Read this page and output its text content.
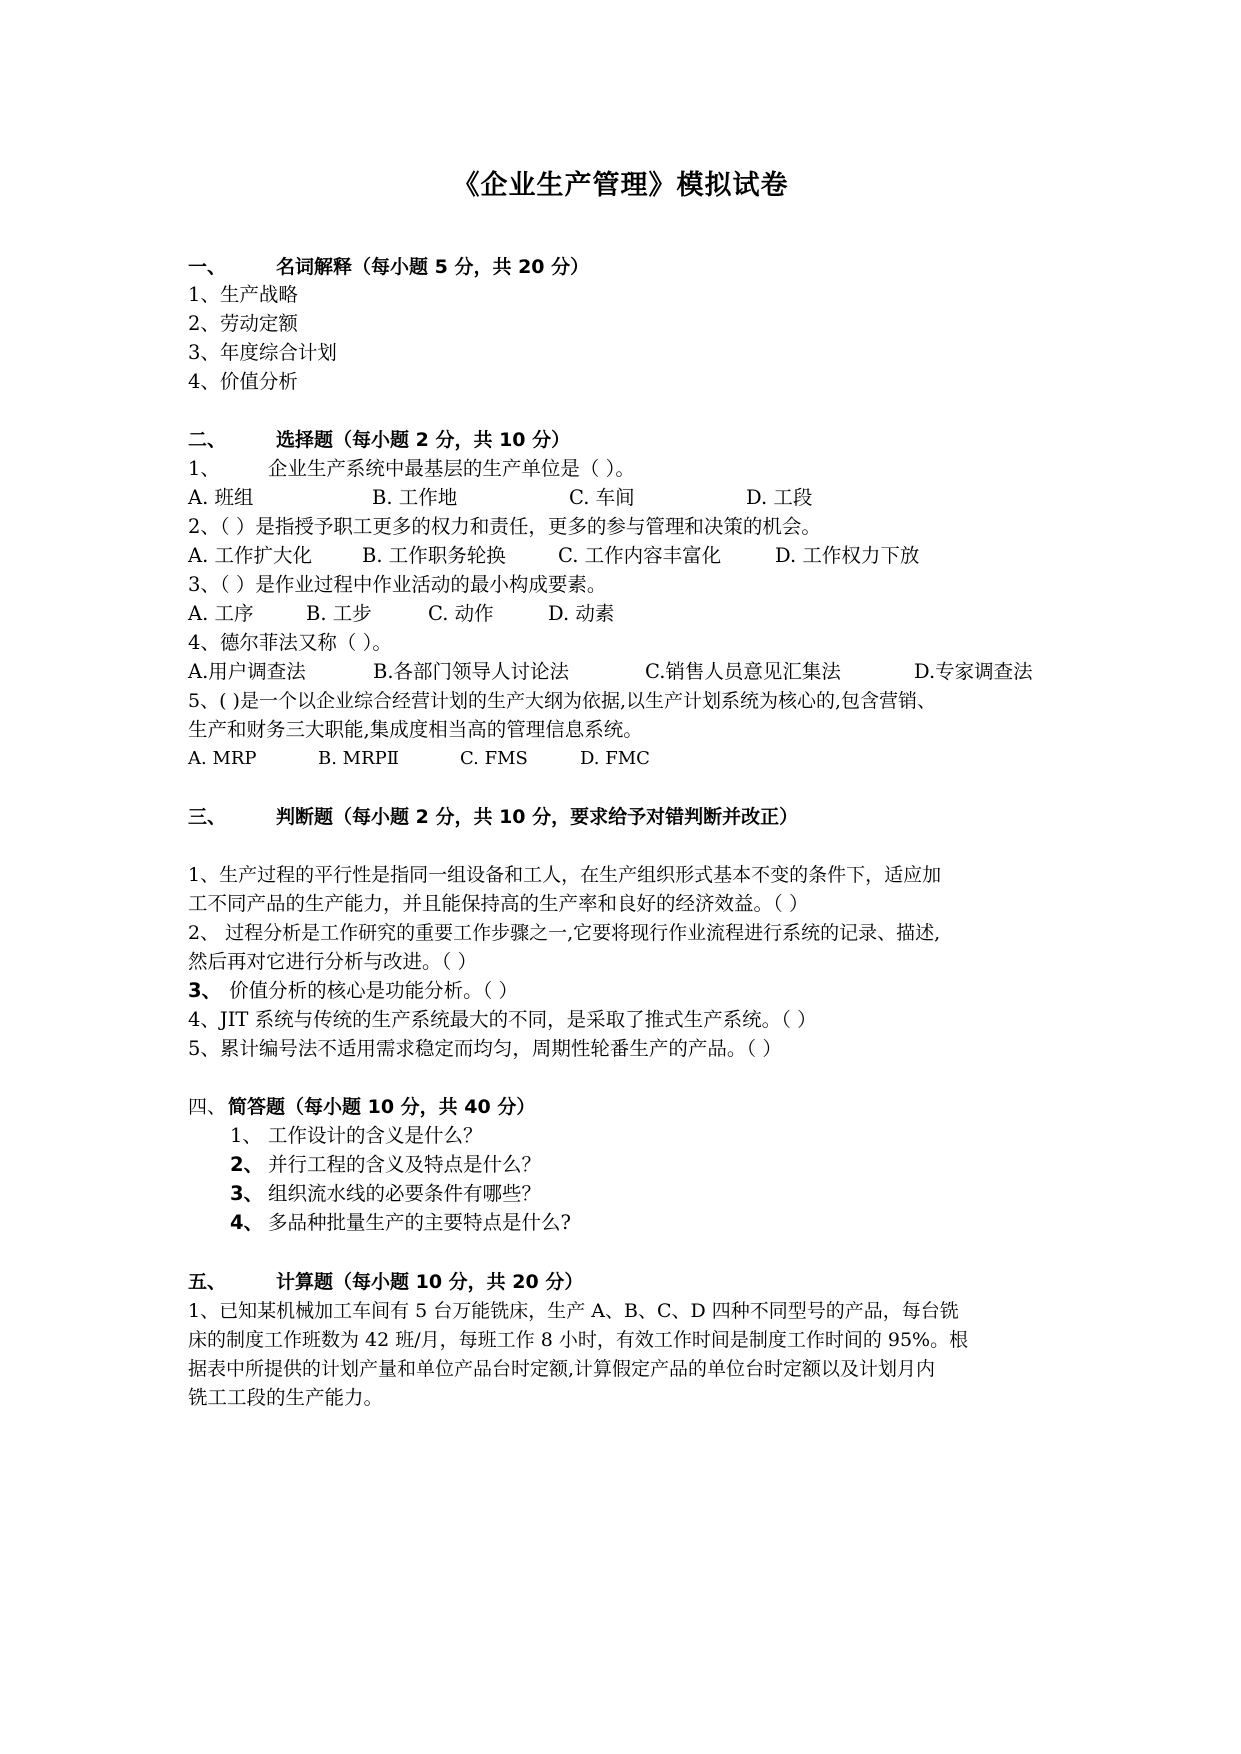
《企业生产管理》模拟试卷
一、	名词解释（每小题 5 分，共 20 分）
1、生产战略
2、劳动定额
3、年度综合计划
4、价值分析
二、	选择题（每小题 2 分，共 10 分）
1、 企业生产系统中最基层的生产单位是（ ）。
A. 班组	B. 工作地	C. 车间	D. 工段
2、（ ）是指授予职工更多的权力和责任，更多的参与管理和决策的机会。
A. 工作扩大化	B. 工作职务轮换	C. 工作内容丰富化	D. 工作权力下放
3、（ ）是作业过程中作业活动的最小构成要素。
A. 工序	B. 工步	C. 动作	D. 动素
4、德尔菲法又称（ ）。
A.用户调查法	B.各部门领导人讨论法	C.销售人员意见汇集法	D.专家调查法
5、( )是一个以企业综合经营计划的生产大纲为依据,以生产计划系统为核心的,包含营销、
生产和财务三大职能,集成度相当高的管理信息系统。
A. MRP	B. MRPⅡ	C. FMS	D. FMC
三、	判断题（每小题 2 分，共 10 分，要求给予对错判断并改正）
1、生产过程的平行性是指同一组设备和工人，在生产组织形式基本不变的条件下，适应加
工不同产品的生产能力，并且能保持高的生产率和良好的经济效益。（ ）
2、 过程分析是工作研究的重要工作步骤之一,它要将现行作业流程进行系统的记录、描述,
然后再对它进行分析与改进。（ ）
3、 价值分析的核心是功能分析。（ ）
4、JIT 系统与传统的生产系统最大的不同，是采取了推式生产系统。（ ）
5、累计编号法不适用需求稳定而均匀，周期性轮番生产的产品。（ ）
四、 简答题（每小题 10 分，共 40 分）
1、 工作设计的含义是什么？
2、 并行工程的含义及特点是什么？
3、 组织流水线的必要条件有哪些？
4、 多品种批量生产的主要特点是什么?
五、	计算题（每小题 10 分，共 20 分）
1、已知某机械加工车间有 5 台万能铣床，生产 A、B、C、D 四种不同型号的产品，每台铣
床的制度工作班数为 42 班/月，每班工作 8 小时，有效工作时间是制度工作时间的 95%。根
据表中所提供的计划产量和单位产品台时定额,计算假定产品的单位台时定额以及计划月内
铣工工段的生产能力。
